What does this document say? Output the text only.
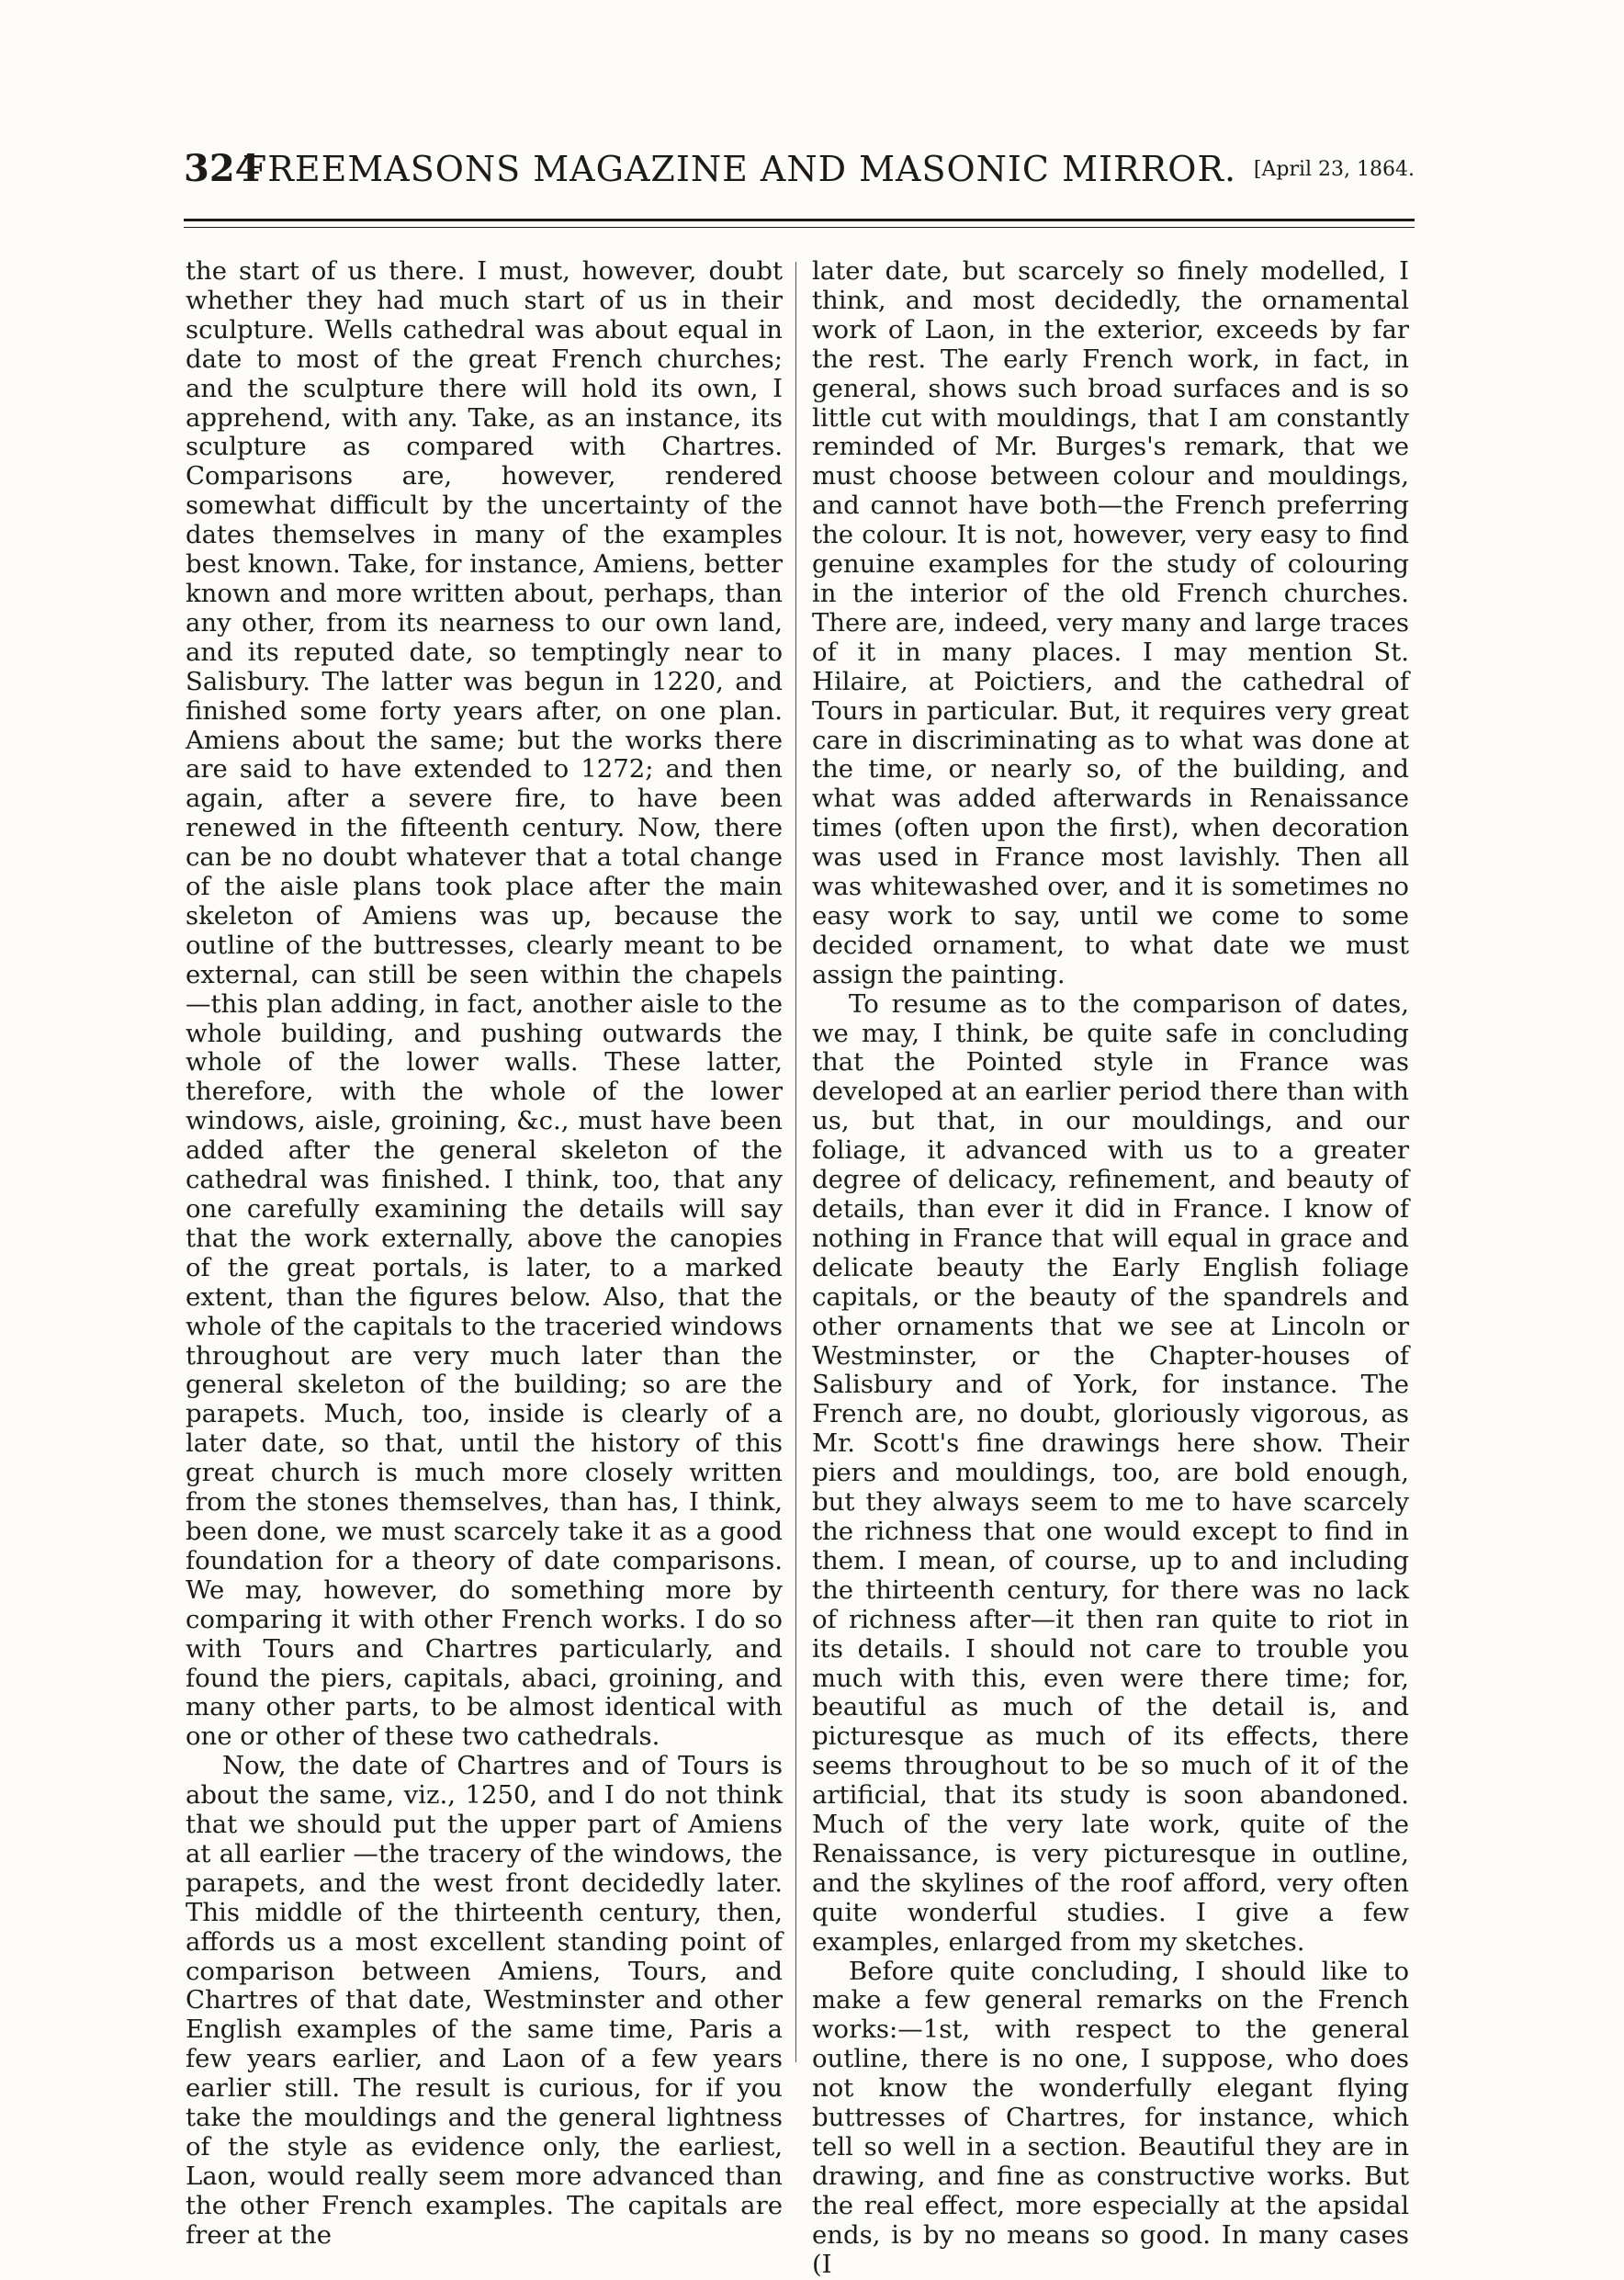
324
FREEMASONS MAGAZINE AND MASONIC MIRROR. [April 23, 1864.

the start of us there. I must, however, doubt whether they had much start of us in their sculpture. Wells cathedral was about equal in date to most of the great French churches; and the sculpture there will hold its own, I apprehend, with any. Take, as an instance, its sculpture as compared with Chartres. Comparisons are, however, rendered somewhat difficult by the uncertainty of the dates themselves in many of the examples best known. Take, for instance, Amiens, better known and more written about, perhaps, than any other, from its nearness to our own land, and its reputed date, so temptingly near to Salisbury. The latter was begun in 1220, and finished some forty years after, on one plan. Amiens about the same; but the works there are said to have extended to 1272; and then again, after a severe fire, to have been renewed in the fifteenth century. Now, there can be no doubt whatever that a total change of the aisle plans took place after the main skeleton of Amiens was up, because the outline of the buttresses, clearly meant to be external, can still be seen within the chapels—this plan adding, in fact, another aisle to the whole building, and pushing outwards the whole of the lower walls. These latter, therefore, with the whole of the lower windows, aisle, groining, &c., must have been added after the general skeleton of the cathedral was finished. I think, too, that any one carefully examining the details will say that the work externally, above the canopies of the great portals, is later, to a marked extent, than the figures below. Also, that the whole of the capitals to the traceried windows throughout are very much later than the general skeleton of the building; so are the parapets. Much, too, inside is clearly of a later date, so that, until the history of this great church is much more closely written from the stones themselves, than has, I think, been done, we must scarcely take it as a good foundation for a theory of date comparisons. We may, however, do something more by comparing it with other French works. I do so with Tours and Chartres particularly, and found the piers, capitals, abaci, groining, and many other parts, to be almost identical with one or other of these two cathedrals.

Now, the date of Chartres and of Tours is about the same, viz., 1250, and I do not think that we should put the upper part of Amiens at all earlier —the tracery of the windows, the parapets, and the west front decidedly later. This middle of the thirteenth century, then, affords us a most excellent standing point of comparison between Amiens, Tours, and Chartres of that date, Westminster and other English examples of the same time, Paris a few years earlier, and Laon of a few years earlier still. The result is curious, for if you take the mouldings and the general lightness of the style as evidence only, the earliest, Laon, would really seem more advanced than the other French examples. The capitals are freer at the

later date, but scarcely so finely modelled, I think, and most decidedly, the ornamental work of Laon, in the exterior, exceeds by far the rest. The early French work, in fact, in general, shows such broad surfaces and is so little cut with mouldings, that I am constantly reminded of Mr. Burges's remark, that we must choose between colour and mouldings, and cannot have both—the French preferring the colour. It is not, however, very easy to find genuine examples for the study of colouring in the interior of the old French churches. There are, indeed, very many and large traces of it in many places. I may mention St. Hilaire, at Poictiers, and the cathedral of Tours in particular. But, it requires very great care in discriminating as to what was done at the time, or nearly so, of the building, and what was added afterwards in Renaissance times (often upon the first), when decoration was used in France most lavishly. Then all was whitewashed over, and it is sometimes no easy work to say, until we come to some decided ornament, to what date we must assign the painting.

To resume as to the comparison of dates, we may, I think, be quite safe in concluding that the Pointed style in France was developed at an earlier period there than with us, but that, in our mouldings, and our foliage, it advanced with us to a greater degree of delicacy, refinement, and beauty of details, than ever it did in France. I know of nothing in France that will equal in grace and delicate beauty the Early English foliage capitals, or the beauty of the spandrels and other ornaments that we see at Lincoln or Westminster, or the Chapter-houses of Salisbury and of York, for instance. The French are, no doubt, gloriously vigorous, as Mr. Scott's fine drawings here show. Their piers and mouldings, too, are bold enough, but they always seem to me to have scarcely the richness that one would except to find in them. I mean, of course, up to and including the thirteenth century, for there was no lack of richness after—it then ran quite to riot in its details. I should not care to trouble you much with this, even were there time; for, beautiful as much of the detail is, and picturesque as much of its effects, there seems throughout to be so much of it of the artificial, that its study is soon abandoned. Much of the very late work, quite of the Renaissance, is very picturesque in outline, and the skylines of the roof afford, very often quite wonderful studies. I give a few examples, enlarged from my sketches.

Before quite concluding, I should like to make a few general remarks on the French works:—1st, with respect to the general outline, there is no one, I suppose, who does not know the wonderfully elegant flying buttresses of Chartres, for instance, which tell so well in a section. Beautiful they are in drawing, and fine as constructive works. But the real effect, more especially at the apsidal ends, is by no means so good. In many cases (I
